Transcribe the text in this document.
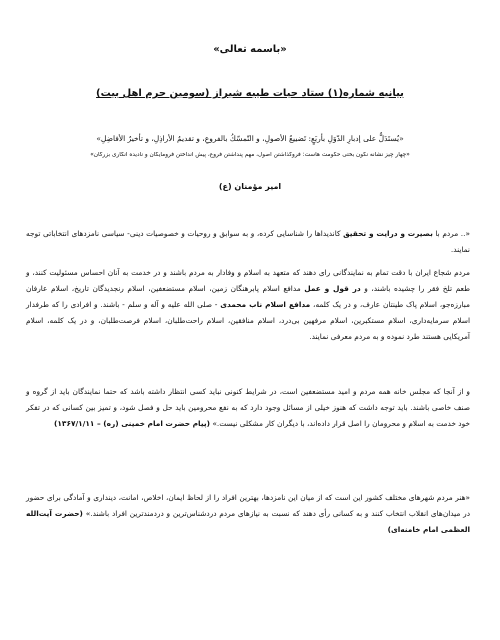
«باسمه تعالی»
بیانیه شماره(۱) ستاد حیات طیبه شیراز (سومین حرم اهل بیت)
«يُستَدَلُّ علی إدبارِ الدّوَلِ بأربَعٍ: تَضييعُ الأصولِ، و التّمسّكُ بالفروعِ، و تقديمُ الأراذِلِ، و تأخيرُ الأفاضِلِ»
«چهار چیز نشانه نگون بختی حکومت هاست: فروگذاشتن اصول، مهم پنداشتن فروع، پیش انداختن فرومایگان و نادیده انگاری بزرگان»
امیر مؤمنان (ع)
«.. مردم با بصیرت و درایت و تحقیق کاندیداها را شناسایی کرده، و به سوابق و روحیات و خصوصیات دینی- سیاسی نامزدهای انتخاباتی توجه نمایند.
مردم شجاع ایران با دقت تمام به نمایندگانی رای دهند که متعهد به اسلام و وفادار به مردم باشند و در خدمت به آنان احساس مسئولیت کنند، و طعم تلخ فقر را چشیده باشند، و در قول و عمل مدافع اسلام پابرهنگان زمین، اسلام مستضعفین، اسلام رنجدیدگان تاریخ، اسلام عارفان مبارزه‌جو، اسلام پاک طینتان عارف، و در یک کلمه، مدافع اسلام ناب محمدی - صلی الله علیه و آله و سلم - باشند. و افرادی را که طرفدار اسلام سرمایه‌داری، اسلام مستکبرین، اسلام مرفهین بی‌درد، اسلام منافقین، اسلام راحت‌طلبان، اسلام فرصت‌طلبان، و در یک کلمه، اسلام آمریکایی هستند طرد نموده و به مردم معرفی نمایند.
و از آنجا که مجلس خانه همه مردم و امید مستضعفین است، در شرایط کنونی نباید کسی انتظار داشته باشد که حتما نمایندگان باید از گروه و صنف خاصی باشند. باید توجه داشت که هنوز خیلی از مسائل وجود دارد که به نفع محرومین باید حل و فصل شود، و تمیز بین کسانی که در تفکر خود خدمت به اسلام و محرومان را اصل قرار داده‌اند، با دیگران کار مشکلی نیست.» (پیام حضرت امام خمینی (ره) – ۱۳۶۷/۱/۱۱)
«هنر مردم شهرهای مختلف کشور این است که از میان این نامزدها، بهترین افراد را از لحاظ ایمان، اخلاص، امانت، دینداری و آمادگی برای حضور در میدان‌های انقلاب انتخاب کنند و به کسانی رأی دهند که نسبت به نیازهای مردم دردشناس‌ترین و دردمندترین افراد باشند.» (حضرت آیت‌الله العظمی امام خامنه‌ای)
